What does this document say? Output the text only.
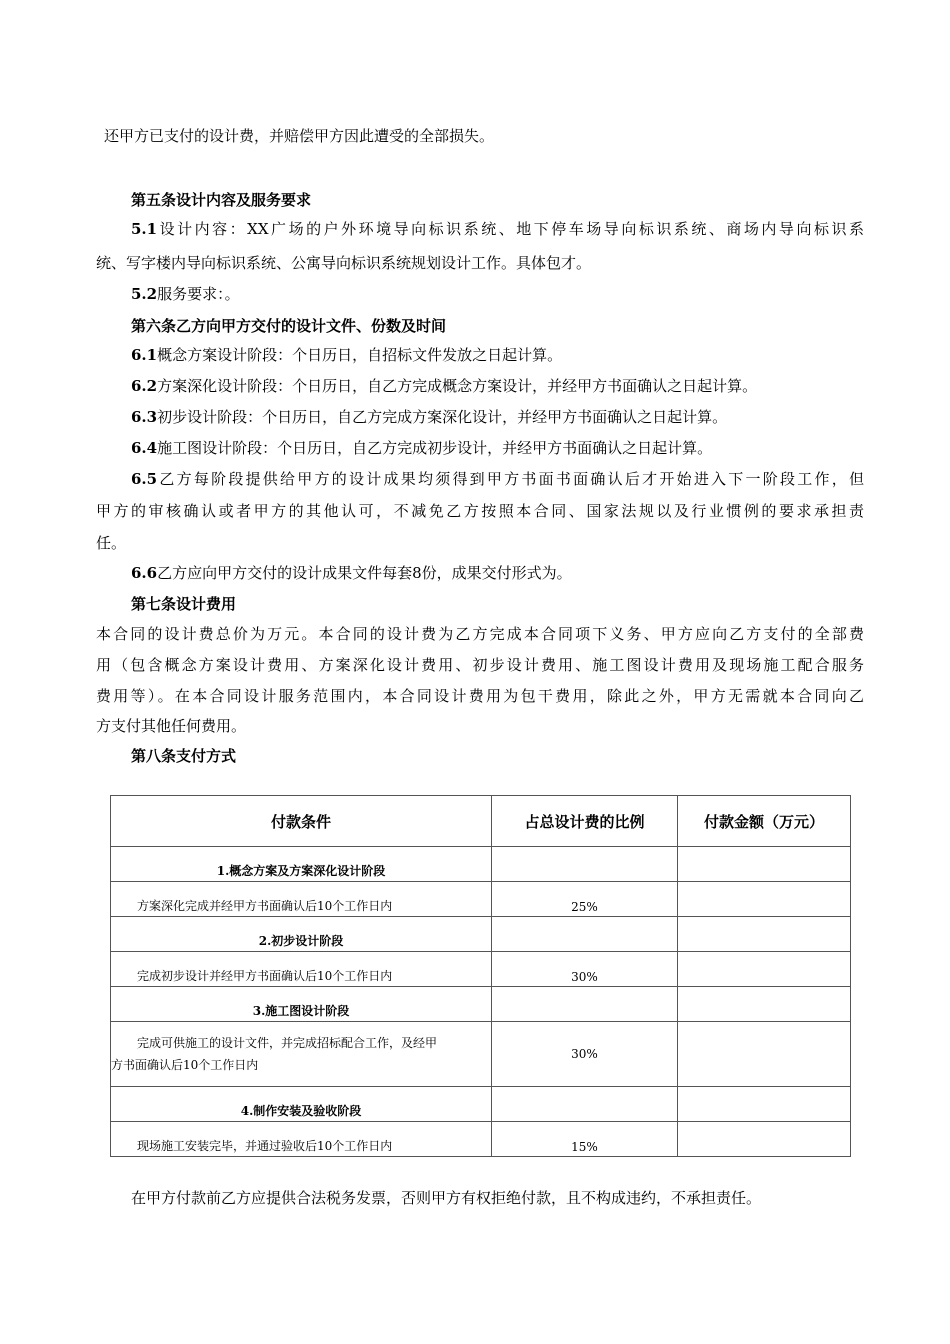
还甲方已支付的设计费，并赔偿甲方因此遭受的全部损失。
第五条设计内容及服务要求
5.1设计内容：XX广场的户外环境导向标识系统、地下停车场导向标识系统、商场内导向标识系
统、写字楼内导向标识系统、公寓导向标识系统规划设计工作。具体包才。
5.2服务要求：。
第六条乙方向甲方交付的设计文件、份数及时间
6.1概念方案设计阶段：个日历日，自招标文件发放之日起计算。
6.2方案深化设计阶段：个日历日，自乙方完成概念方案设计，并经甲方书面确认之日起计算。
6.3初步设计阶段：个日历日，自乙方完成方案深化设计，并经甲方书面确认之日起计算。
6.4施工图设计阶段：个日历日，自乙方完成初步设计，并经甲方书面确认之日起计算。
6.5乙方每阶段提供给甲方的设计成果均须得到甲方书面书面确认后才开始进入下一阶段工作，但
甲方的审核确认或者甲方的其他认可，不减免乙方按照本合同、国家法规以及行业惯例的要求承担责
任。
6.6乙方应向甲方交付的设计成果文件每套8份，成果交付形式为。
第七条设计费用
本合同的设计费总价为万元。本合同的设计费为乙方完成本合同项下义务、甲方应向乙方支付的全部费
用（包含概念方案设计费用、方案深化设计费用、初步设计费用、施工图设计费用及现场施工配合服务
费用等）。在本合同设计服务范围内，本合同设计费用为包干费用，除此之外，甲方无需就本合同向乙
方支付其他任何费用。
第八条支付方式
付款条件	占总设计费的比例	付款金额（万元）
1.概念方案及方案深化设计阶段		
方案深化完成并经甲方书面确认后10个工作日内	25%	
2.初步设计阶段		
完成初步设计并经甲方书面确认后10个工作日内	30%	
3.施工图设计阶段		
完成可供施工的设计文件，并完成招标配合工作，及经甲
方书面确认后10个工作日内	30%	
4.制作安装及验收阶段		
现场施工安装完毕，并通过验收后10个工作日内	15%	
在甲方付款前乙方应提供合法税务发票，否则甲方有权拒绝付款，且不构成违约，不承担责任。
